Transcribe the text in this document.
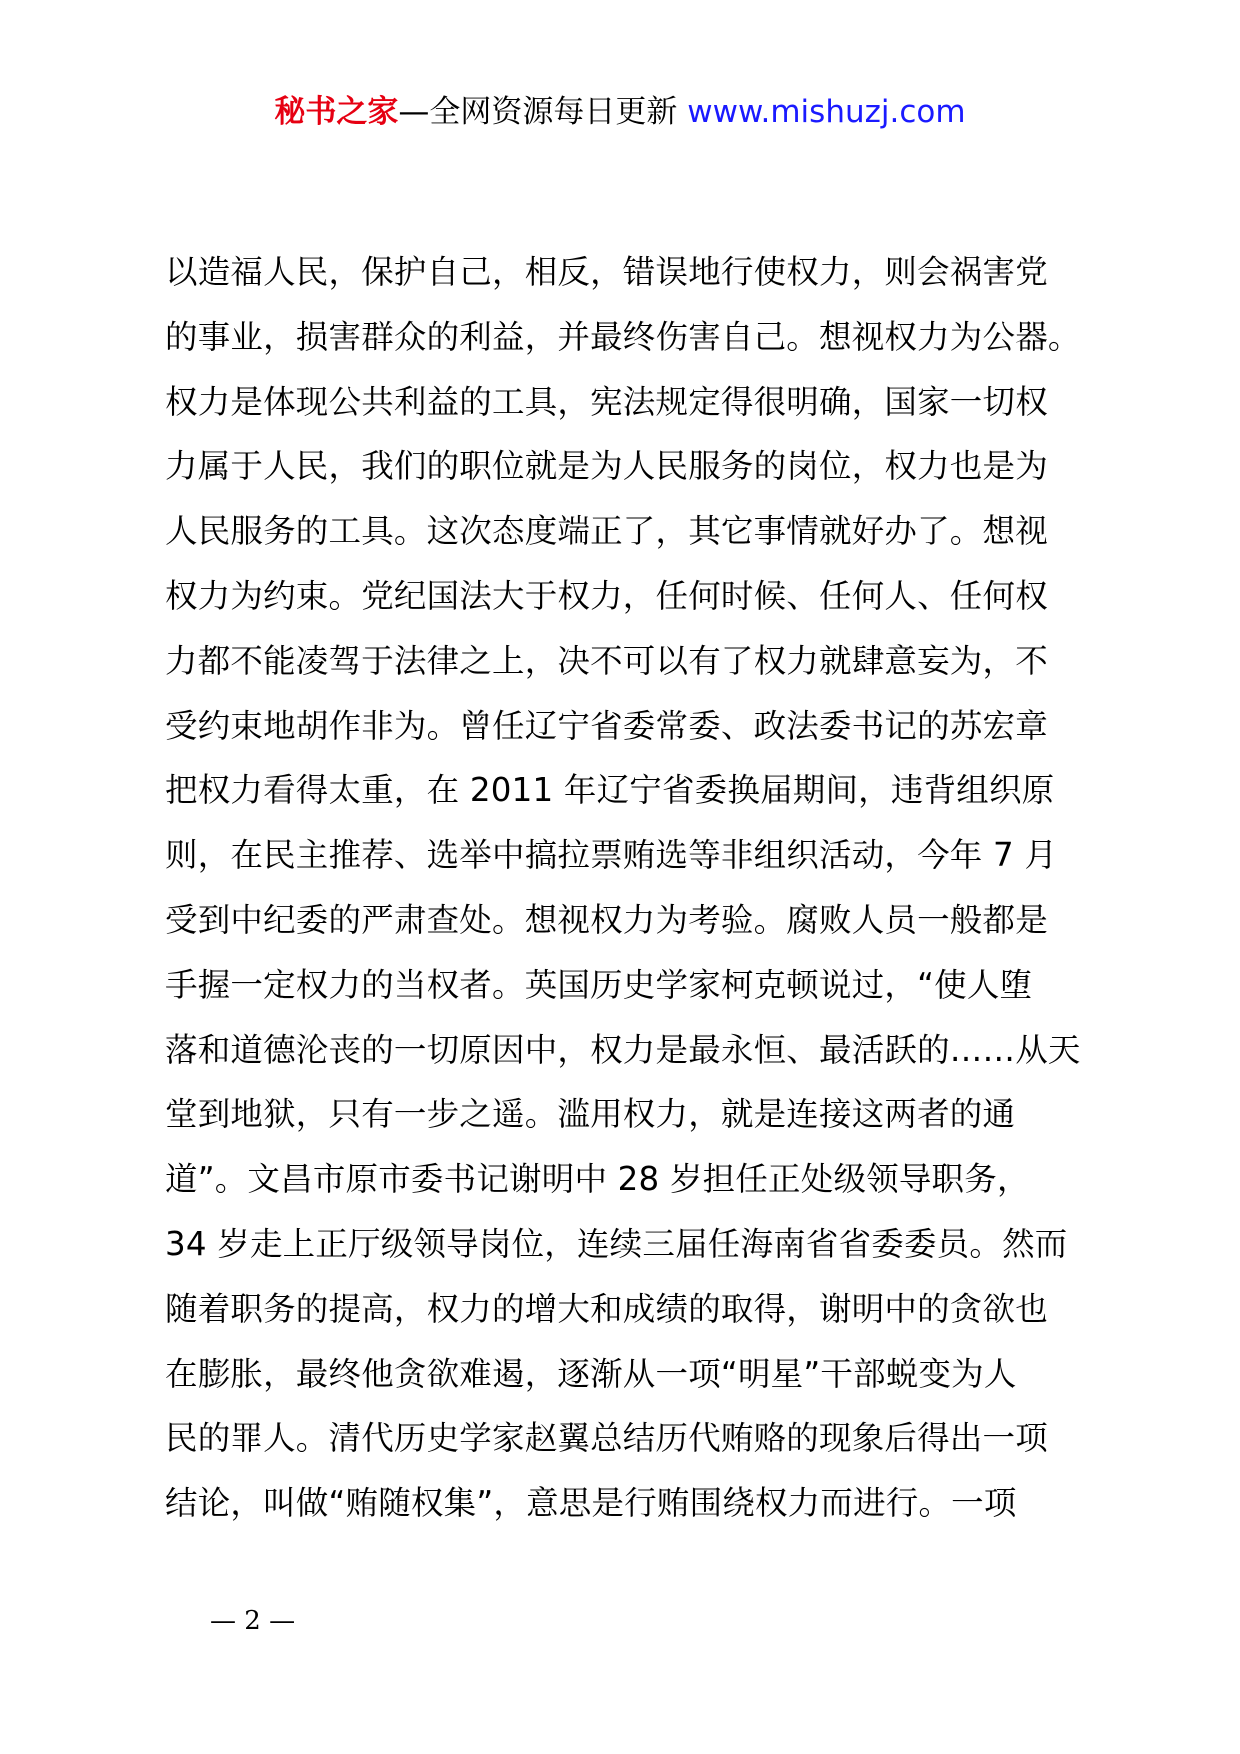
秘书之家—全网资源每日更新 www.mishuzj.com
以造福人民，保护自己，相反，错误地行使权力，则会祸害党
的事业，损害群众的利益，并最终伤害自己。想视权力为公器。
权力是体现公共利益的工具，宪法规定得很明确，国家一切权
力属于人民，我们的职位就是为人民服务的岗位，权力也是为
人民服务的工具。这次态度端正了，其它事情就好办了。想视
权力为约束。党纪国法大于权力，任何时候、任何人、任何权
力都不能凌驾于法律之上，决不可以有了权力就肆意妄为，不
受约束地胡作非为。曾任辽宁省委常委、政法委书记的苏宏章
把权力看得太重，在 2011 年辽宁省委换届期间，违背组织原
则，在民主推荐、选举中搞拉票贿选等非组织活动，今年 7 月
受到中纪委的严肃查处。想视权力为考验。腐败人员一般都是
手握一定权力的当权者。英国历史学家柯克顿说过，“使人堕
落和道德沦丧的一切原因中，权力是最永恒、最活跃的……从天
堂到地狱，只有一步之遥。滥用权力，就是连接这两者的通
道”。文昌市原市委书记谢明中 28 岁担任正处级领导职务，
34 岁走上正厅级领导岗位，连续三届任海南省省委委员。然而
随着职务的提高，权力的增大和成绩的取得，谢明中的贪欲也
在膨胀，最终他贪欲难遏，逐渐从一项“明星”干部蜕变为人
民的罪人。清代历史学家赵翼总结历代贿赂的现象后得出一项
结论，叫做“贿随权集”，意思是行贿围绕权力而进行。一项
— 2 —
